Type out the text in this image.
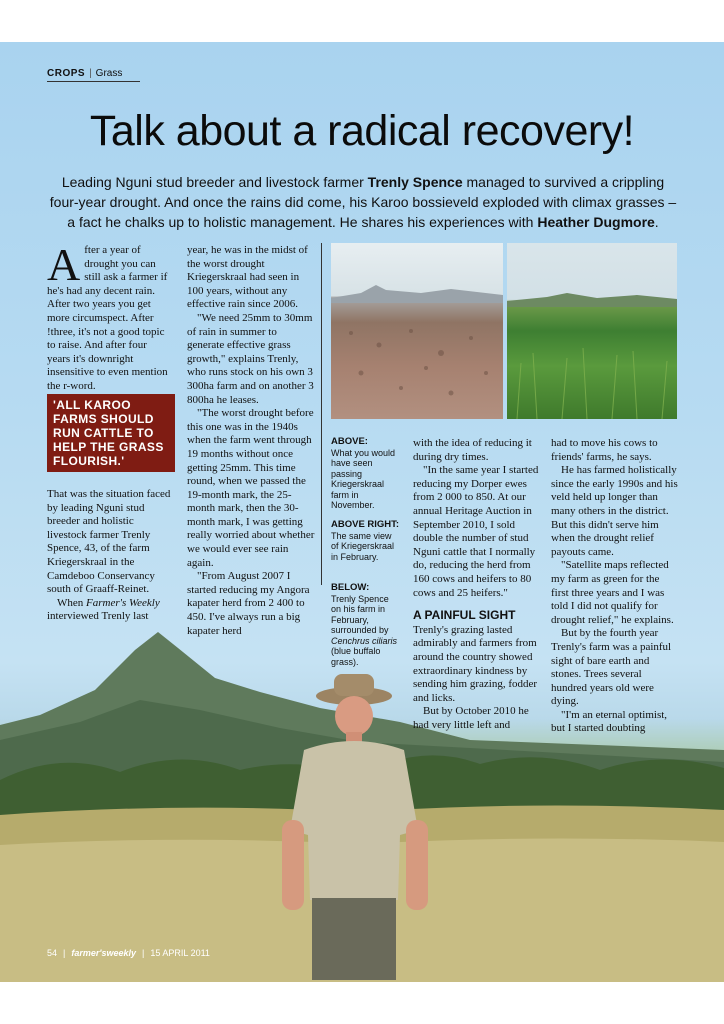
CROPS | Grass
Talk about a radical recovery!
Leading Nguni stud breeder and livestock farmer Trenly Spence managed to survived a crippling four-year drought. And once the rains did come, his Karoo bossieveld exploded with climax grasses – a fact he chalks up to holistic management. He shares his experiences with Heather Dugmore.

After a year of drought you can still ask a farmer if he's had any decent rain. After two years you get more circumspect. After !three, it's not a good topic to raise. And after four years it's downright insensitive to even mention the r-word.

'ALL KAROO FARMS SHOULD RUN CATTLE TO HELP THE GRASS FLOURISH.'

That was the situation faced by leading Nguni stud breeder and holistic livestock farmer Trenly Spence, 43, of the farm Kriegerskraal in the Camdeboo Conservancy south of Graaff-Reinet.

When Farmer's Weekly interviewed Trenly last

year, he was in the midst of the worst drought Kriegerskraal had seen in 100 years, without any effective rain since 2006.

"We need 25mm to 30mm of rain in summer to generate effective grass growth," explains Trenly, who runs stock on his own 3 300ha farm and on another 3 800ha he leases.

"The worst drought before this one was in the 1940s when the farm went through 19 months without once getting 25mm. This time round, when we passed the 19-month mark, the 25-month mark, then the 30-month mark, I was getting really worried about whether we would ever see rain again.

"From August 2007 I started reducing my Angora kapater herd from 2 400 to 450. I've always run a big kapater herd

ABOVE:
What you would have seen passing Kriegerskraal farm in November.
ABOVE RIGHT:
The same view of Kriegerskraal in February.
BELOW:
Trenly Spence on his farm in February, surrounded by Cenchrus ciliaris (blue buffalo grass).

with the idea of reducing it during dry times.

"In the same year I started reducing my Dorper ewes from 2 000 to 850. At our annual Heritage Auction in September 2010, I sold double the number of stud Nguni cattle that I normally do, reducing the herd from 160 cows and heifers to 80 cows and 25 heifers."

A PAINFUL SIGHT

Trenly's grazing lasted admirably and farmers from around the country showed extraordinary kindness by sending him grazing, fodder and licks.

But by October 2010 he had very little left and

had to move his cows to friends' farms, he says.

He has farmed holistically since the early 1990s and his veld held up longer than many others in the district. But this didn't serve him when the drought relief payouts came.

"Satellite maps reflected my farm as green for the first three years and I was told I did not qualify for drought relief," he explains.

But by the fourth year Trenly's farm was a painful sight of bare earth and stones. Trees several hundred years old were dying.

"I'm an eternal optimist, but I started doubting

54 | farmer'sweekly | 15 APRIL 2011
